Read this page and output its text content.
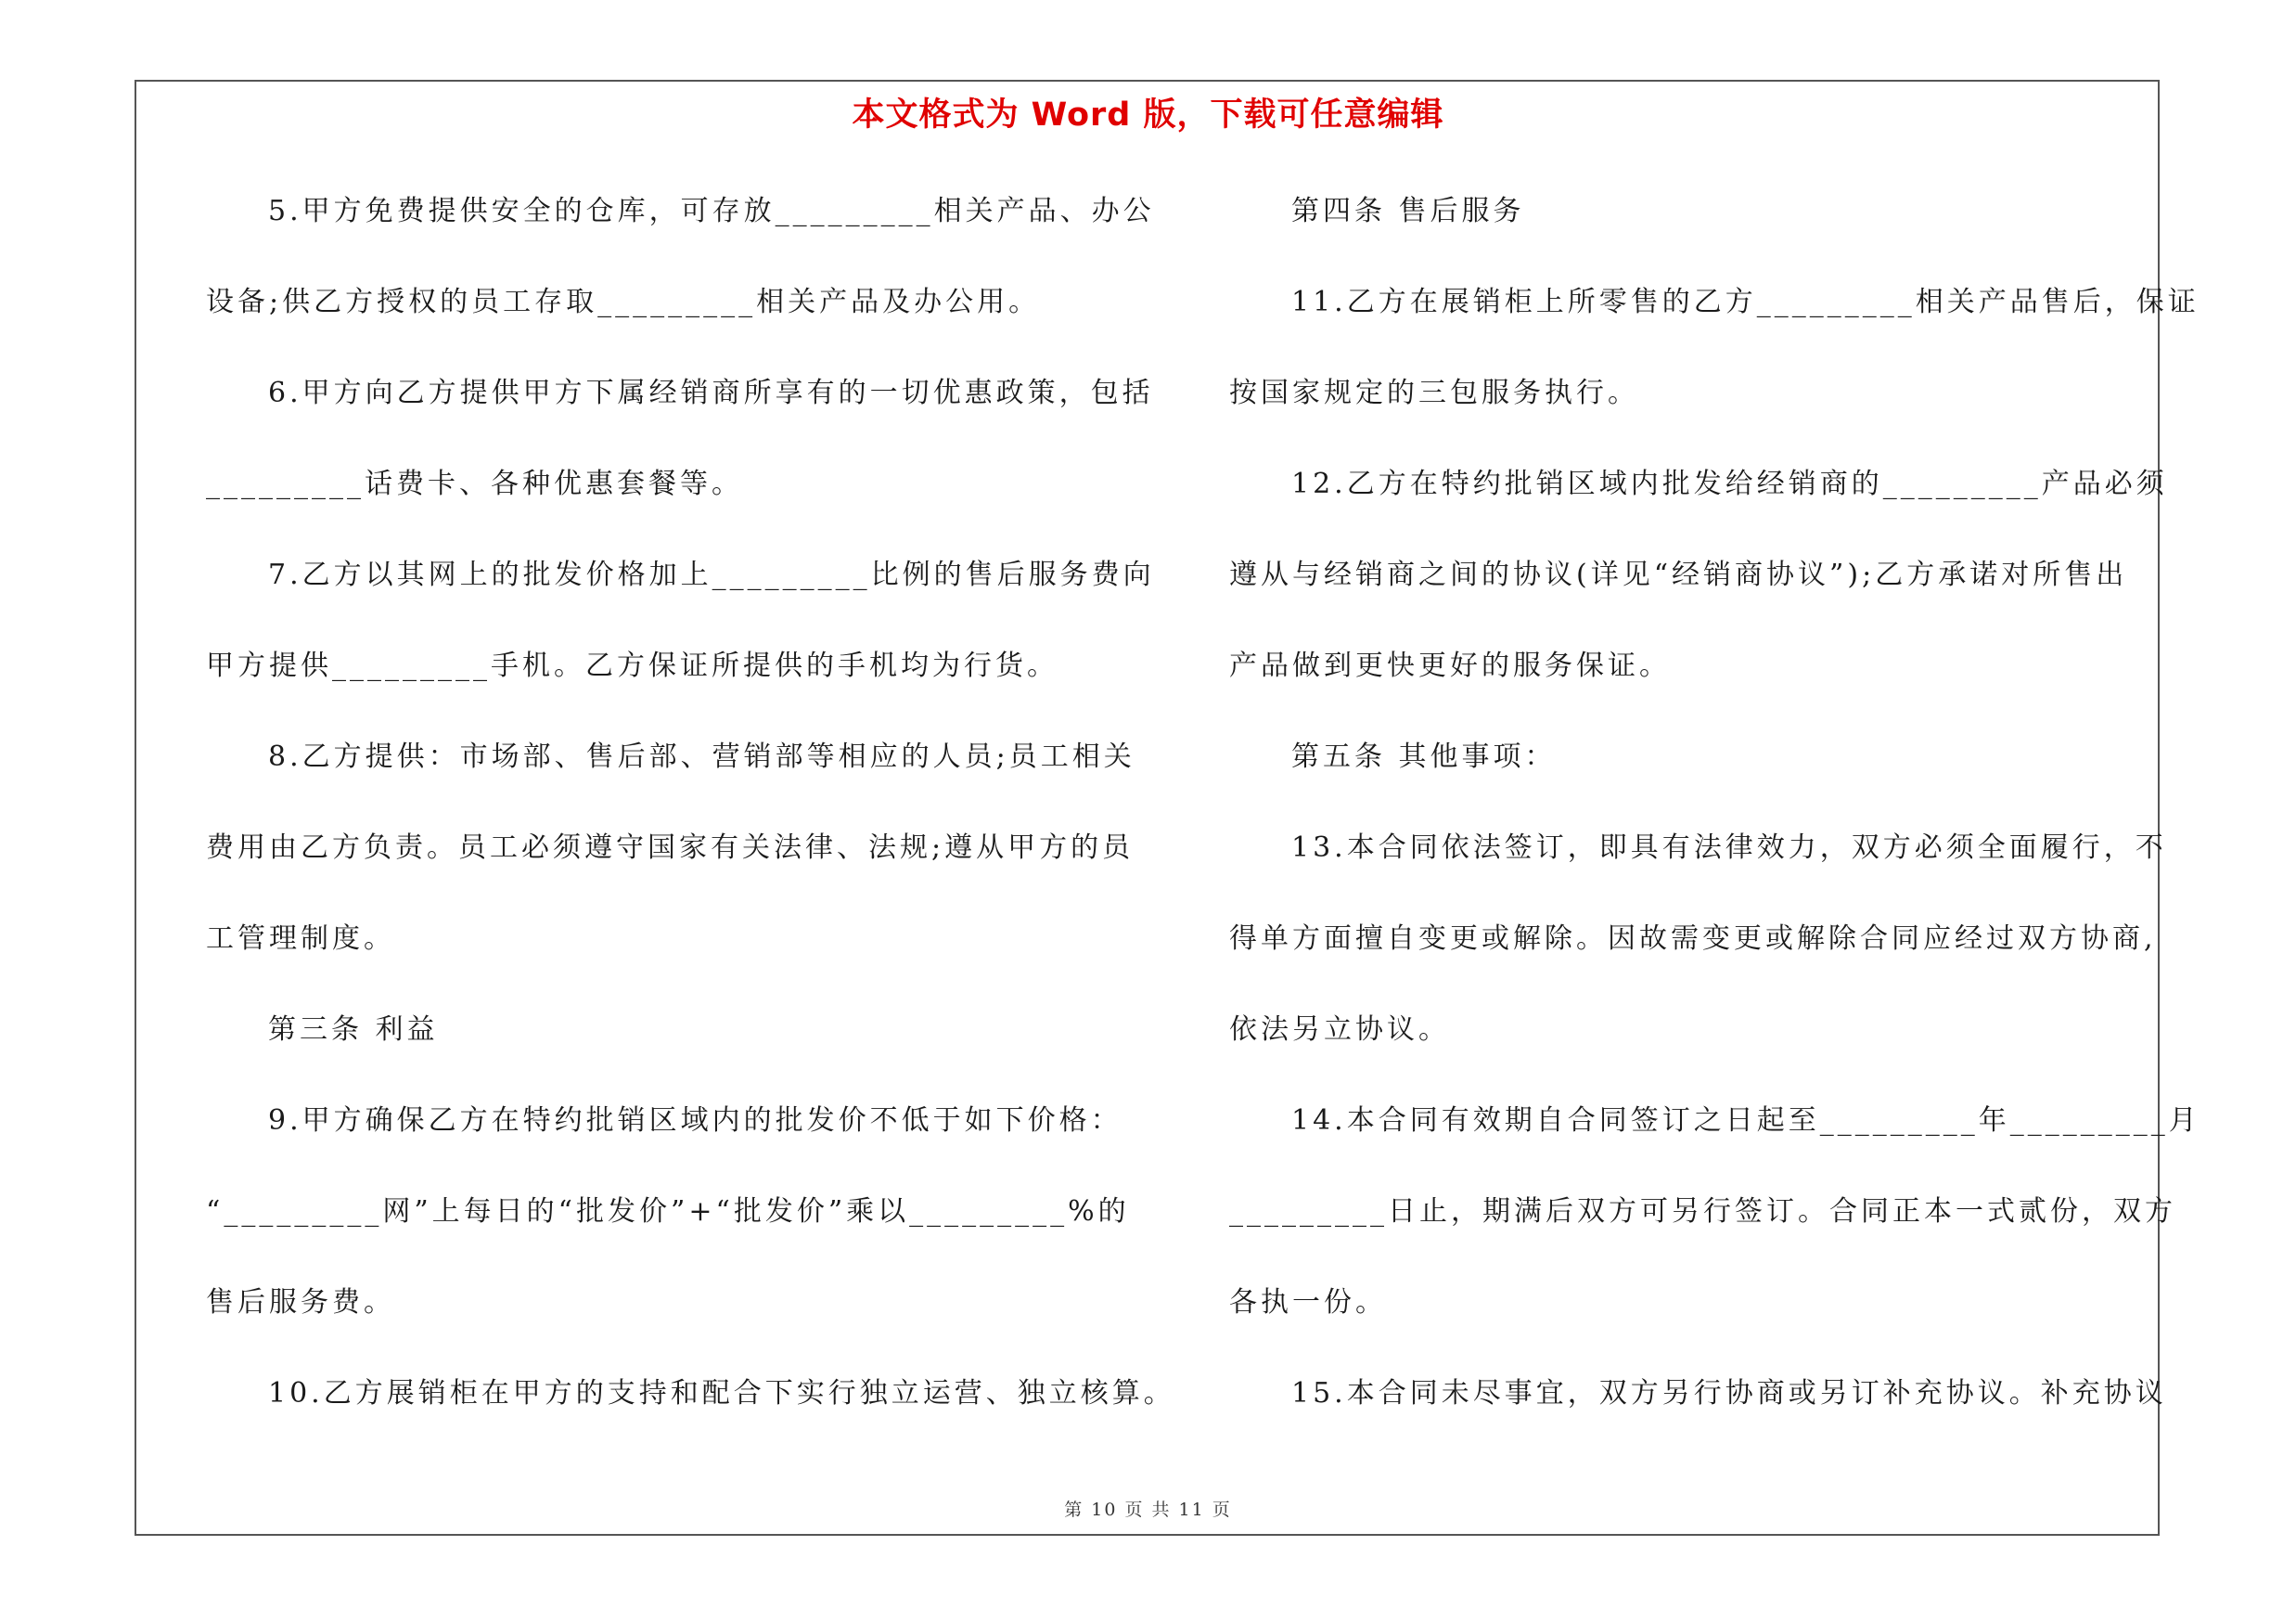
本文格式为 Word 版，下载可任意编辑
5.甲方免费提供安全的仓库，可存放_________相关产品、办公
设备;供乙方授权的员工存取_________相关产品及办公用。
6.甲方向乙方提供甲方下属经销商所享有的一切优惠政策，包括
_________话费卡、各种优惠套餐等。
7.乙方以其网上的批发价格加上_________比例的售后服务费向
甲方提供_________手机。乙方保证所提供的手机均为行货。
8.乙方提供：市场部、售后部、营销部等相应的人员;员工相关
费用由乙方负责。员工必须遵守国家有关法律、法规;遵从甲方的员
工管理制度。
第三条 利益
9.甲方确保乙方在特约批销区域内的批发价不低于如下价格：
“_________网”上每日的“批发价”+“批发价”乘以_________%的
售后服务费。
10.乙方展销柜在甲方的支持和配合下实行独立运营、独立核算。
第四条 售后服务
11.乙方在展销柜上所零售的乙方_________相关产品售后，保证
按国家规定的三包服务执行。
12.乙方在特约批销区域内批发给经销商的_________产品必须
遵从与经销商之间的协议(详见“经销商协议”);乙方承诺对所售出
产品做到更快更好的服务保证。
第五条 其他事项：
13.本合同依法签订，即具有法律效力，双方必须全面履行，不
得单方面擅自变更或解除。因故需变更或解除合同应经过双方协商,
依法另立协议。
14.本合同有效期自合同签订之日起至_________年_________月
_________日止，期满后双方可另行签订。合同正本一式贰份，双方
各执一份。
15.本合同未尽事宜，双方另行协商或另订补充协议。补充协议
第 10 页 共 11 页
